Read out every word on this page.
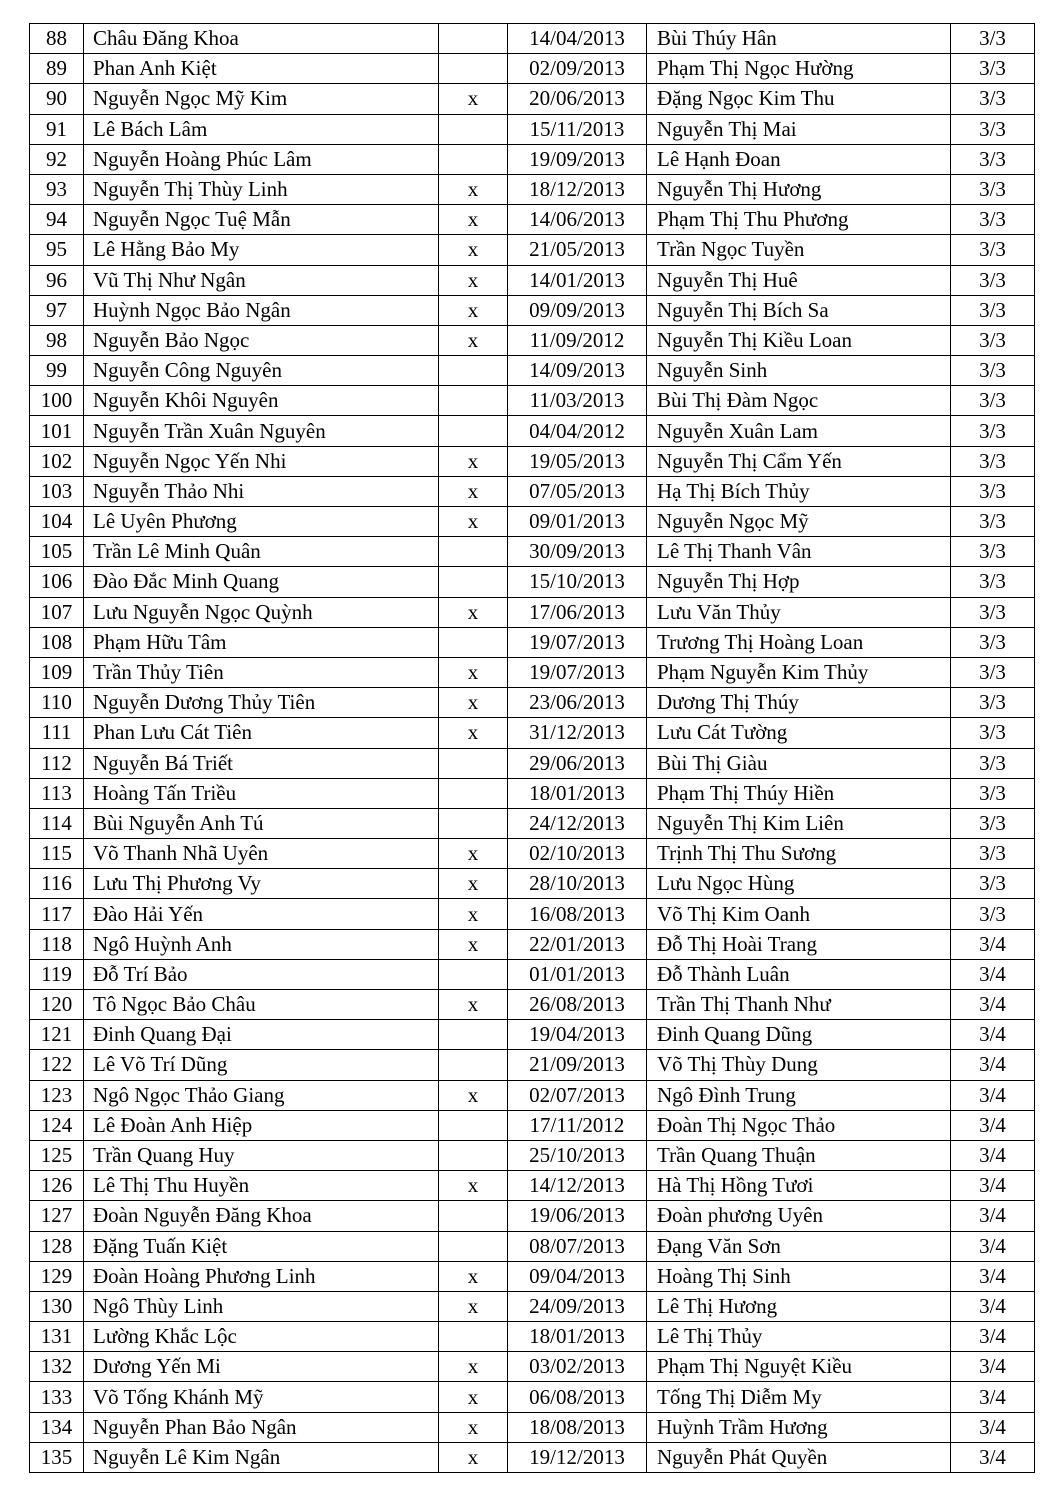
88	Châu Đăng Khoa		14/04/2013	Bùi Thúy Hân	3/3
89	Phan Anh Kiệt		02/09/2013	Phạm Thị Ngọc Hường	3/3
90	Nguyễn Ngọc Mỹ Kim	x	20/06/2013	Đặng Ngọc Kim Thu	3/3
91	Lê Bách Lâm		15/11/2013	Nguyễn Thị Mai	3/3
92	Nguyễn Hoàng Phúc Lâm		19/09/2013	Lê Hạnh Đoan	3/3
93	Nguyễn Thị Thùy Linh	x	18/12/2013	Nguyễn Thị Hương	3/3
94	Nguyễn Ngọc Tuệ Mẫn	x	14/06/2013	Phạm Thị Thu Phương	3/3
95	Lê Hằng Bảo My	x	21/05/2013	Trần Ngọc Tuyền	3/3
96	Vũ Thị Như Ngân	x	14/01/2013	Nguyễn Thị Huê	3/3
97	Huỳnh Ngọc Bảo Ngân	x	09/09/2013	Nguyễn Thị Bích Sa	3/3
98	Nguyễn Bảo Ngọc	x	11/09/2012	Nguyễn Thị Kiều Loan	3/3
99	Nguyễn Công Nguyên		14/09/2013	Nguyễn Sinh	3/3
100	Nguyễn Khôi Nguyên		11/03/2013	Bùi Thị Đàm Ngọc	3/3
101	Nguyễn Trần Xuân Nguyên		04/04/2012	Nguyễn Xuân Lam	3/3
102	Nguyễn Ngọc Yến Nhi	x	19/05/2013	Nguyễn Thị Cẩm Yến	3/3
103	Nguyễn Thảo Nhi	x	07/05/2013	Hạ Thị Bích Thủy	3/3
104	Lê Uyên Phương	x	09/01/2013	Nguyễn Ngọc Mỹ	3/3
105	Trần Lê Minh Quân		30/09/2013	Lê Thị Thanh Vân	3/3
106	Đào Đắc Minh Quang		15/10/2013	Nguyễn Thị Hợp	3/3
107	Lưu Nguyễn Ngọc Quỳnh	x	17/06/2013	Lưu Văn Thủy	3/3
108	Phạm Hữu Tâm		19/07/2013	Trương Thị Hoàng Loan	3/3
109	Trần Thủy Tiên	x	19/07/2013	Phạm Nguyễn Kim Thủy	3/3
110	Nguyễn Dương Thủy Tiên	x	23/06/2013	Dương Thị Thúy	3/3
111	Phan Lưu Cát Tiên	x	31/12/2013	Lưu Cát Tường	3/3
112	Nguyễn Bá Triết		29/06/2013	Bùi Thị Giàu	3/3
113	Hoàng Tấn Triều		18/01/2013	Phạm Thị Thúy Hiền	3/3
114	Bùi Nguyễn Anh Tú		24/12/2013	Nguyễn Thị Kim Liên	3/3
115	Võ Thanh Nhã Uyên	x	02/10/2013	Trịnh Thị Thu Sương	3/3
116	Lưu Thị Phương Vy	x	28/10/2013	Lưu Ngọc Hùng	3/3
117	Đào Hải Yến	x	16/08/2013	Võ Thị Kim Oanh	3/3
118	Ngô Huỳnh Anh	x	22/01/2013	Đỗ Thị Hoài Trang	3/4
119	Đỗ Trí Bảo		01/01/2013	Đỗ Thành Luân	3/4
120	Tô Ngọc Bảo Châu	x	26/08/2013	Trần Thị Thanh Như	3/4
121	Đinh Quang Đại		19/04/2013	Đinh Quang Dũng	3/4
122	Lê Võ Trí Dũng		21/09/2013	Võ Thị Thùy Dung	3/4
123	Ngô Ngọc Thảo Giang	x	02/07/2013	Ngô Đình Trung	3/4
124	Lê Đoàn Anh Hiệp		17/11/2012	Đoàn Thị Ngọc Thảo	3/4
125	Trần Quang Huy		25/10/2013	Trần Quang Thuận	3/4
126	Lê Thị Thu Huyền	x	14/12/2013	Hà Thị Hồng Tươi	3/4
127	Đoàn Nguyễn Đăng Khoa		19/06/2013	Đoàn phương Uyên	3/4
128	Đặng Tuấn Kiệt		08/07/2013	Đạng Văn Sơn	3/4
129	Đoàn Hoàng Phương Linh	x	09/04/2013	Hoàng Thị Sinh	3/4
130	Ngô Thùy Linh	x	24/09/2013	Lê Thị Hương	3/4
131	Lường Khắc Lộc		18/01/2013	Lê Thị Thủy	3/4
132	Dương Yến Mi	x	03/02/2013	Phạm Thị Nguyệt Kiều	3/4
133	Võ Tống Khánh Mỹ	x	06/08/2013	Tống Thị Diễm My	3/4
134	Nguyễn Phan Bảo Ngân	x	18/08/2013	Huỳnh Trầm Hương	3/4
135	Nguyễn Lê Kim Ngân	x	19/12/2013	Nguyễn Phát Quyền	3/4
